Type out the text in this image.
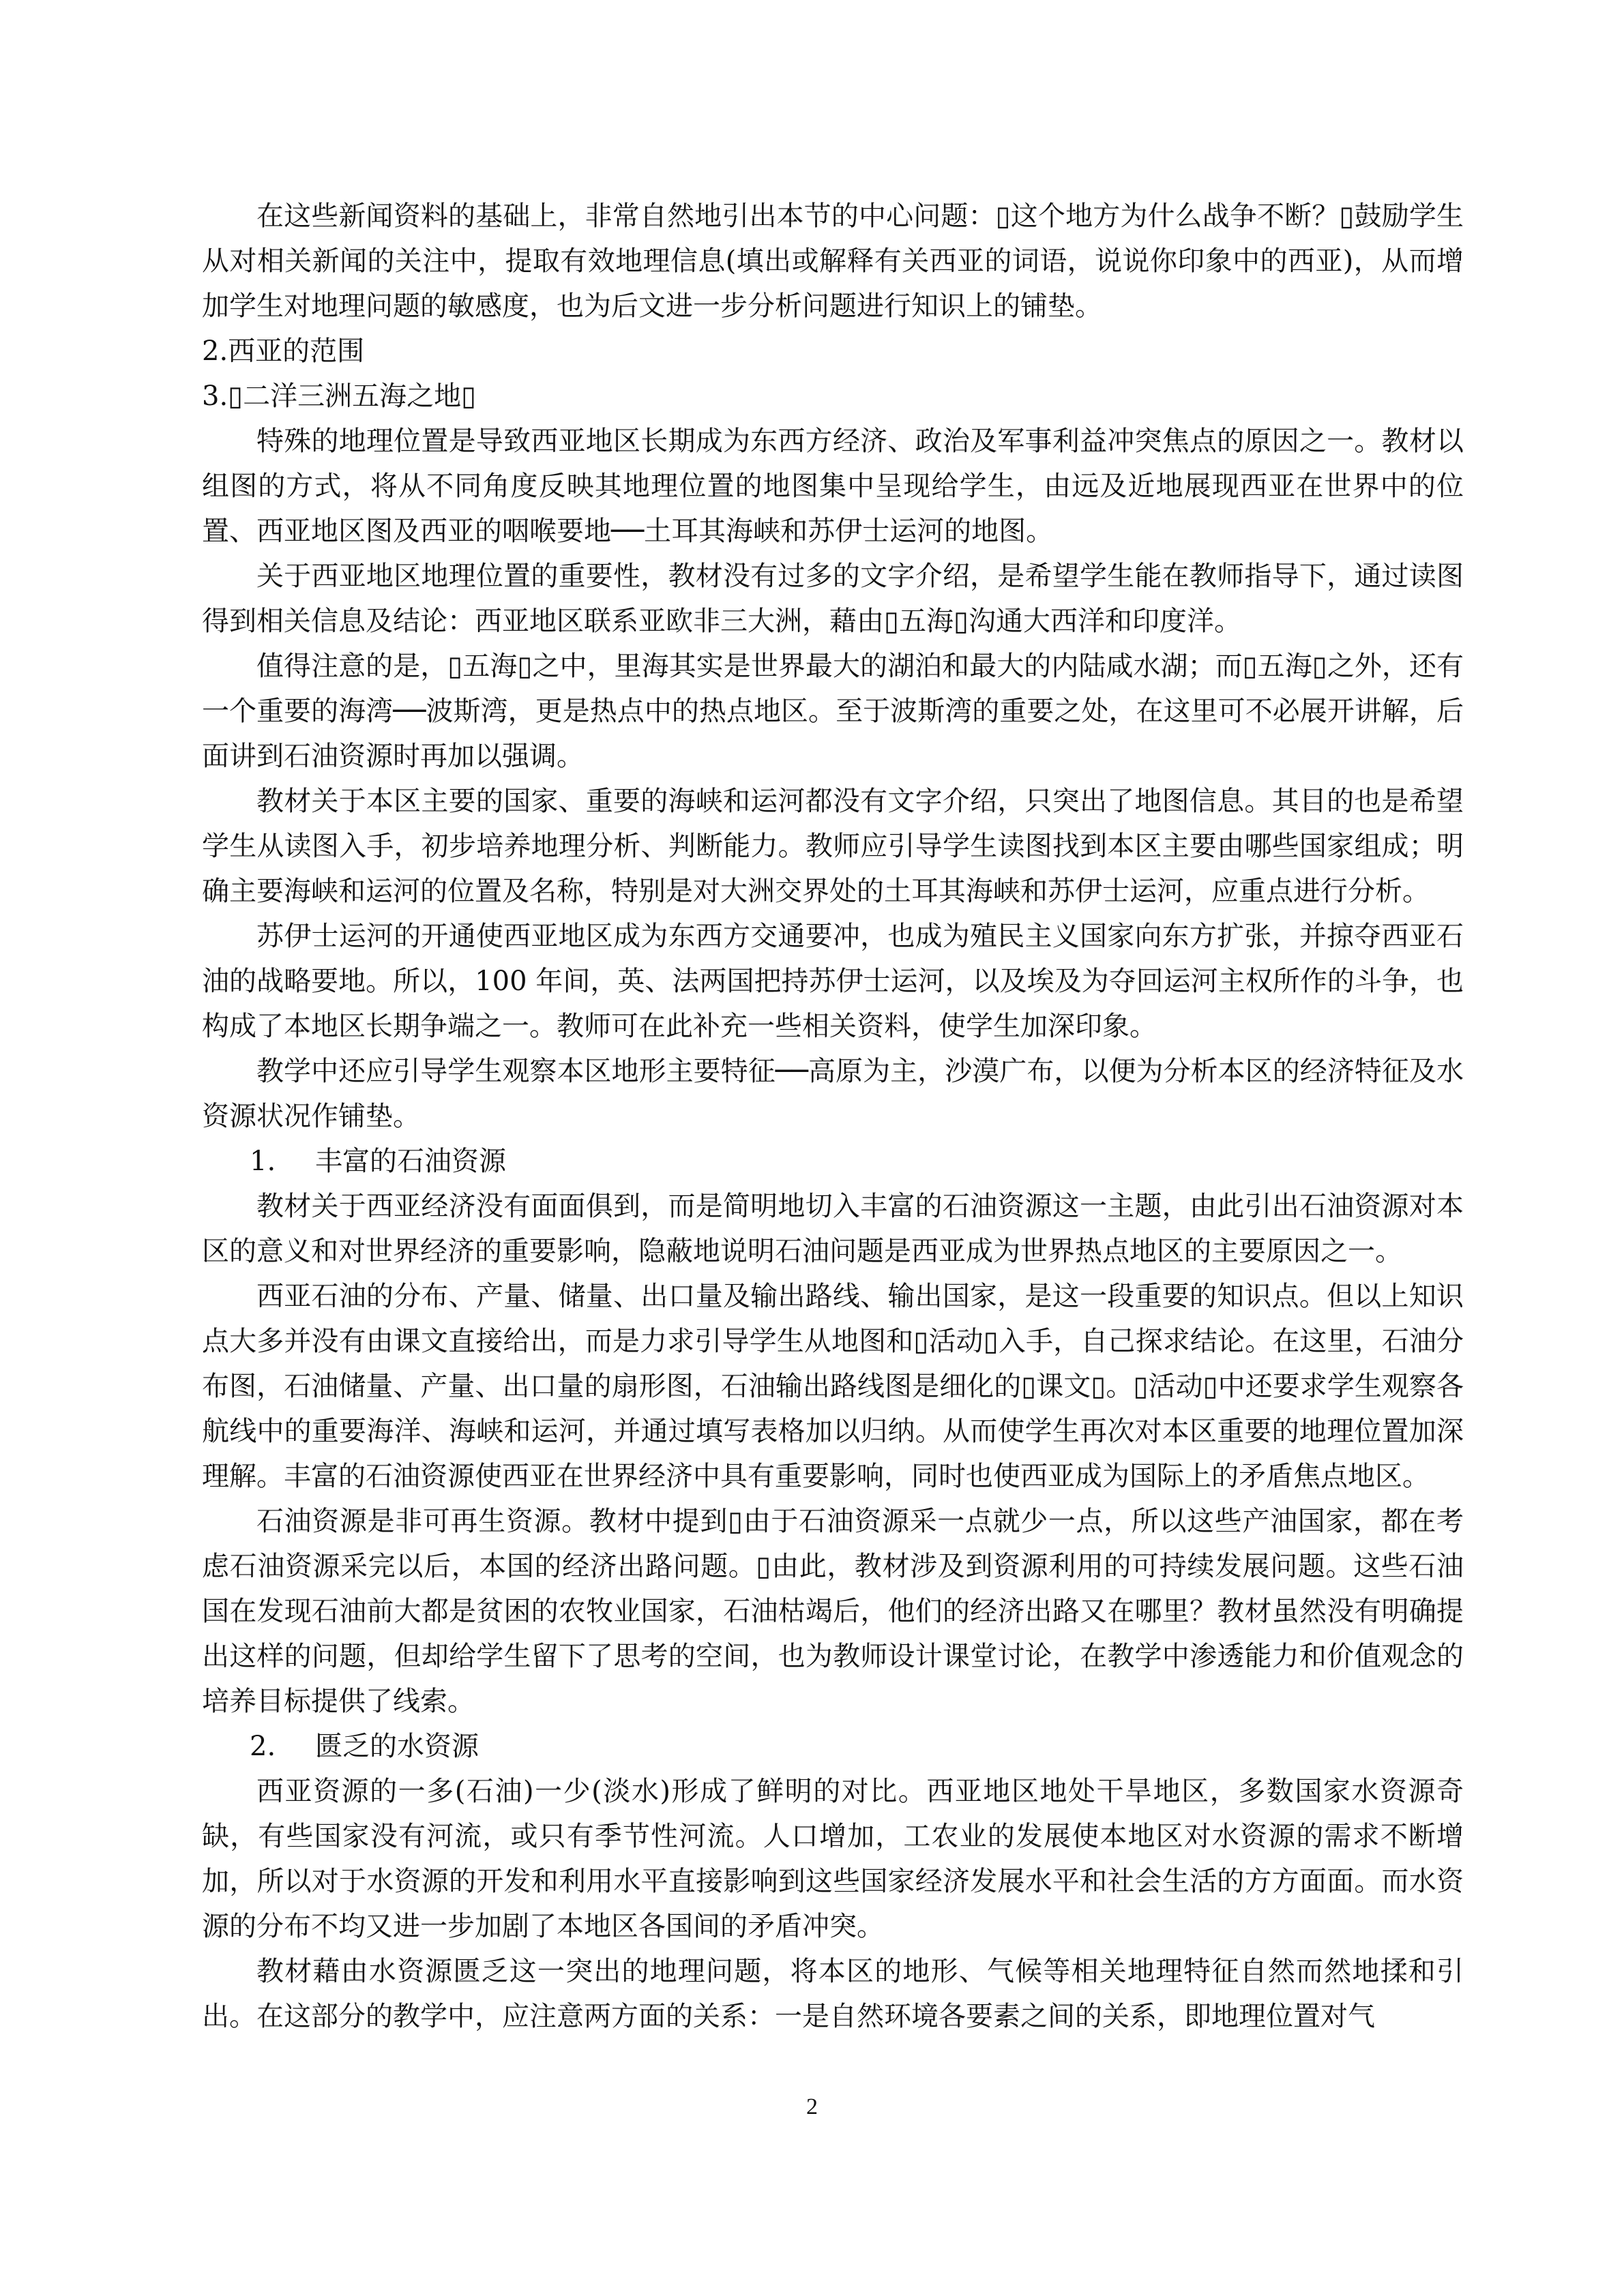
在这些新闻资料的基础上，非常自然地引出本节的中心问题：▯这个地方为什么战争不断？▯鼓励学生从对相关新闻的关注中，提取有效地理信息(填出或解释有关西亚的词语，说说你印象中的西亚)，从而增加学生对地理问题的敏感度，也为后文进一步分析问题进行知识上的铺垫。

2.西亚的范围

3.▯二洋三洲五海之地▯

特殊的地理位置是导致西亚地区长期成为东西方经济、政治及军事利益冲突焦点的原因之一。教材以组图的方式，将从不同角度反映其地理位置的地图集中呈现给学生，由远及近地展现西亚在世界中的位置、西亚地区图及西亚的咽喉要地──土耳其海峡和苏伊士运河的地图。

关于西亚地区地理位置的重要性，教材没有过多的文字介绍，是希望学生能在教师指导下，通过读图得到相关信息及结论：西亚地区联系亚欧非三大洲，藉由▯五海▯沟通大西洋和印度洋。

值得注意的是，▯五海▯之中，里海其实是世界最大的湖泊和最大的内陆咸水湖；而▯五海▯之外，还有一个重要的海湾──波斯湾，更是热点中的热点地区。至于波斯湾的重要之处，在这里可不必展开讲解，后面讲到石油资源时再加以强调。

教材关于本区主要的国家、重要的海峡和运河都没有文字介绍，只突出了地图信息。其目的也是希望学生从读图入手，初步培养地理分析、判断能力。教师应引导学生读图找到本区主要由哪些国家组成；明确主要海峡和运河的位置及名称，特别是对大洲交界处的土耳其海峡和苏伊士运河，应重点进行分析。

苏伊士运河的开通使西亚地区成为东西方交通要冲，也成为殖民主义国家向东方扩张，并掠夺西亚石油的战略要地。所以，100 年间，英、法两国把持苏伊士运河，以及埃及为夺回运河主权所作的斗争，也构成了本地区长期争端之一。教师可在此补充一些相关资料，使学生加深印象。

教学中还应引导学生观察本区地形主要特征──高原为主，沙漠广布，以便为分析本区的经济特征及水资源状况作铺垫。

1. 丰富的石油资源

教材关于西亚经济没有面面俱到，而是简明地切入丰富的石油资源这一主题，由此引出石油资源对本区的意义和对世界经济的重要影响，隐蔽地说明石油问题是西亚成为世界热点地区的主要原因之一。

西亚石油的分布、产量、储量、出口量及输出路线、输出国家，是这一段重要的知识点。但以上知识点大多并没有由课文直接给出，而是力求引导学生从地图和▯活动▯入手，自己探求结论。在这里，石油分布图，石油储量、产量、出口量的扇形图，石油输出路线图是细化的▯课文▯。▯活动▯中还要求学生观察各航线中的重要海洋、海峡和运河，并通过填写表格加以归纳。从而使学生再次对本区重要的地理位置加深理解。丰富的石油资源使西亚在世界经济中具有重要影响，同时也使西亚成为国际上的矛盾焦点地区。

石油资源是非可再生资源。教材中提到▯由于石油资源采一点就少一点，所以这些产油国家，都在考虑石油资源采完以后，本国的经济出路问题。▯由此，教材涉及到资源利用的可持续发展问题。这些石油国在发现石油前大都是贫困的农牧业国家，石油枯竭后，他们的经济出路又在哪里？教材虽然没有明确提出这样的问题，但却给学生留下了思考的空间，也为教师设计课堂讨论，在教学中渗透能力和价值观念的培养目标提供了线索。

2. 匮乏的水资源

西亚资源的一多(石油)一少(淡水)形成了鲜明的对比。西亚地区地处干旱地区，多数国家水资源奇缺，有些国家没有河流，或只有季节性河流。人口增加，工农业的发展使本地区对水资源的需求不断增加，所以对于水资源的开发和利用水平直接影响到这些国家经济发展水平和社会生活的方方面面。而水资源的分布不均又进一步加剧了本地区各国间的矛盾冲突。

教材藉由水资源匮乏这一突出的地理问题，将本区的地形、气候等相关地理特征自然而然地揉和引出。在这部分的教学中，应注意两方面的关系：一是自然环境各要素之间的关系，即地理位置对气

2
